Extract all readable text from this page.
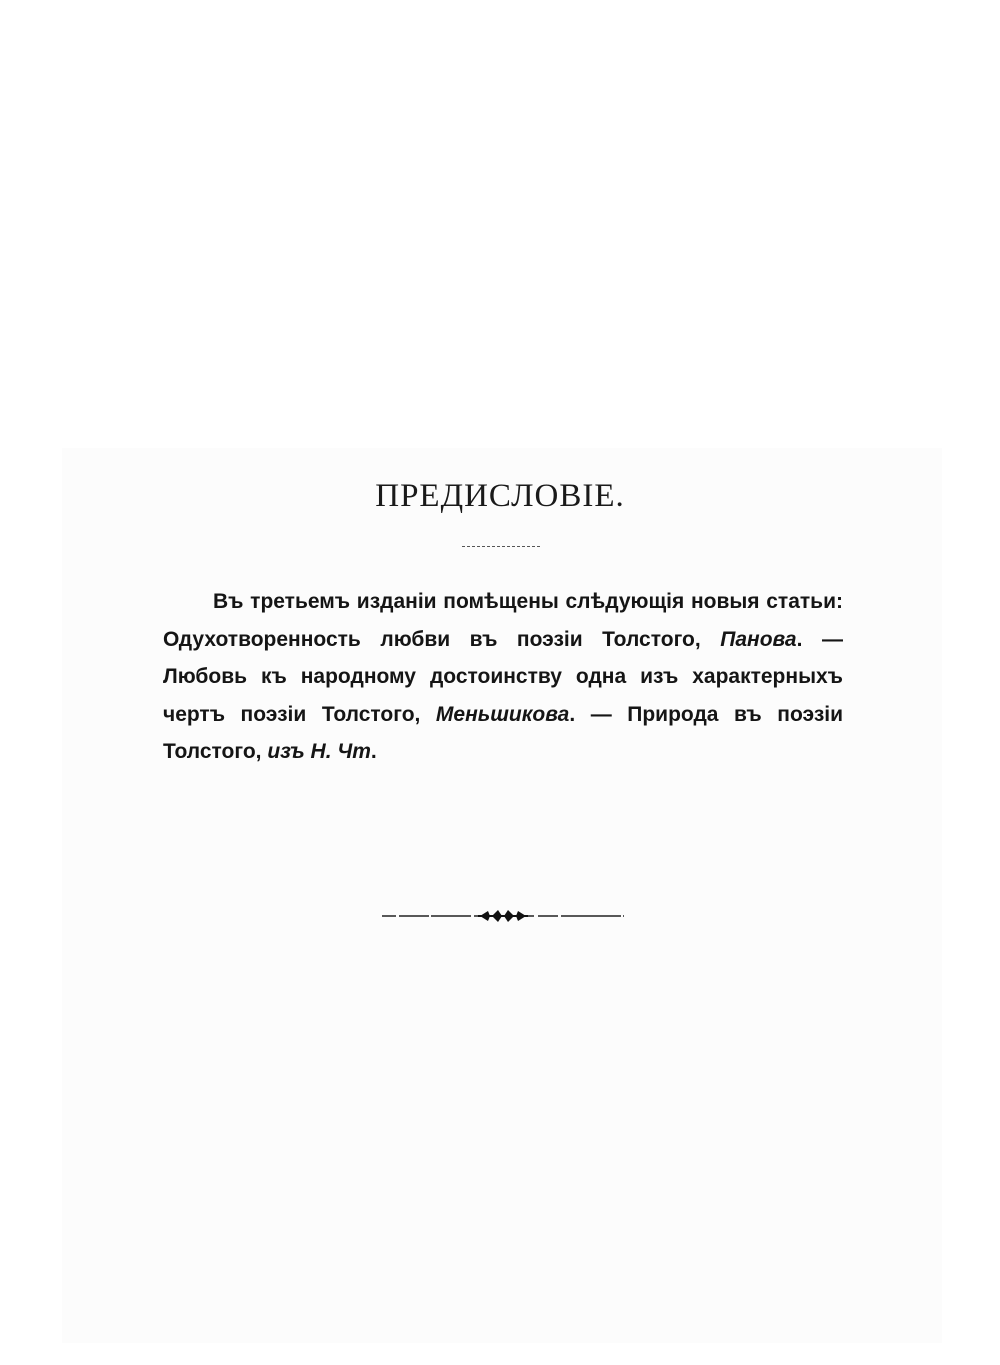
ПРЕДИСЛОВІЕ.

Въ третьемъ изданіи помѣщены слѣдующія новыя статьи: Одухотворенность любви въ поэзіи Толстого, Панова. — Любовь къ народному достоинству одна изъ характерныхъ чертъ поэзіи Толстого, Меньшикова. — Природа въ поэзіи Толстого, изъ Н. Чт.
